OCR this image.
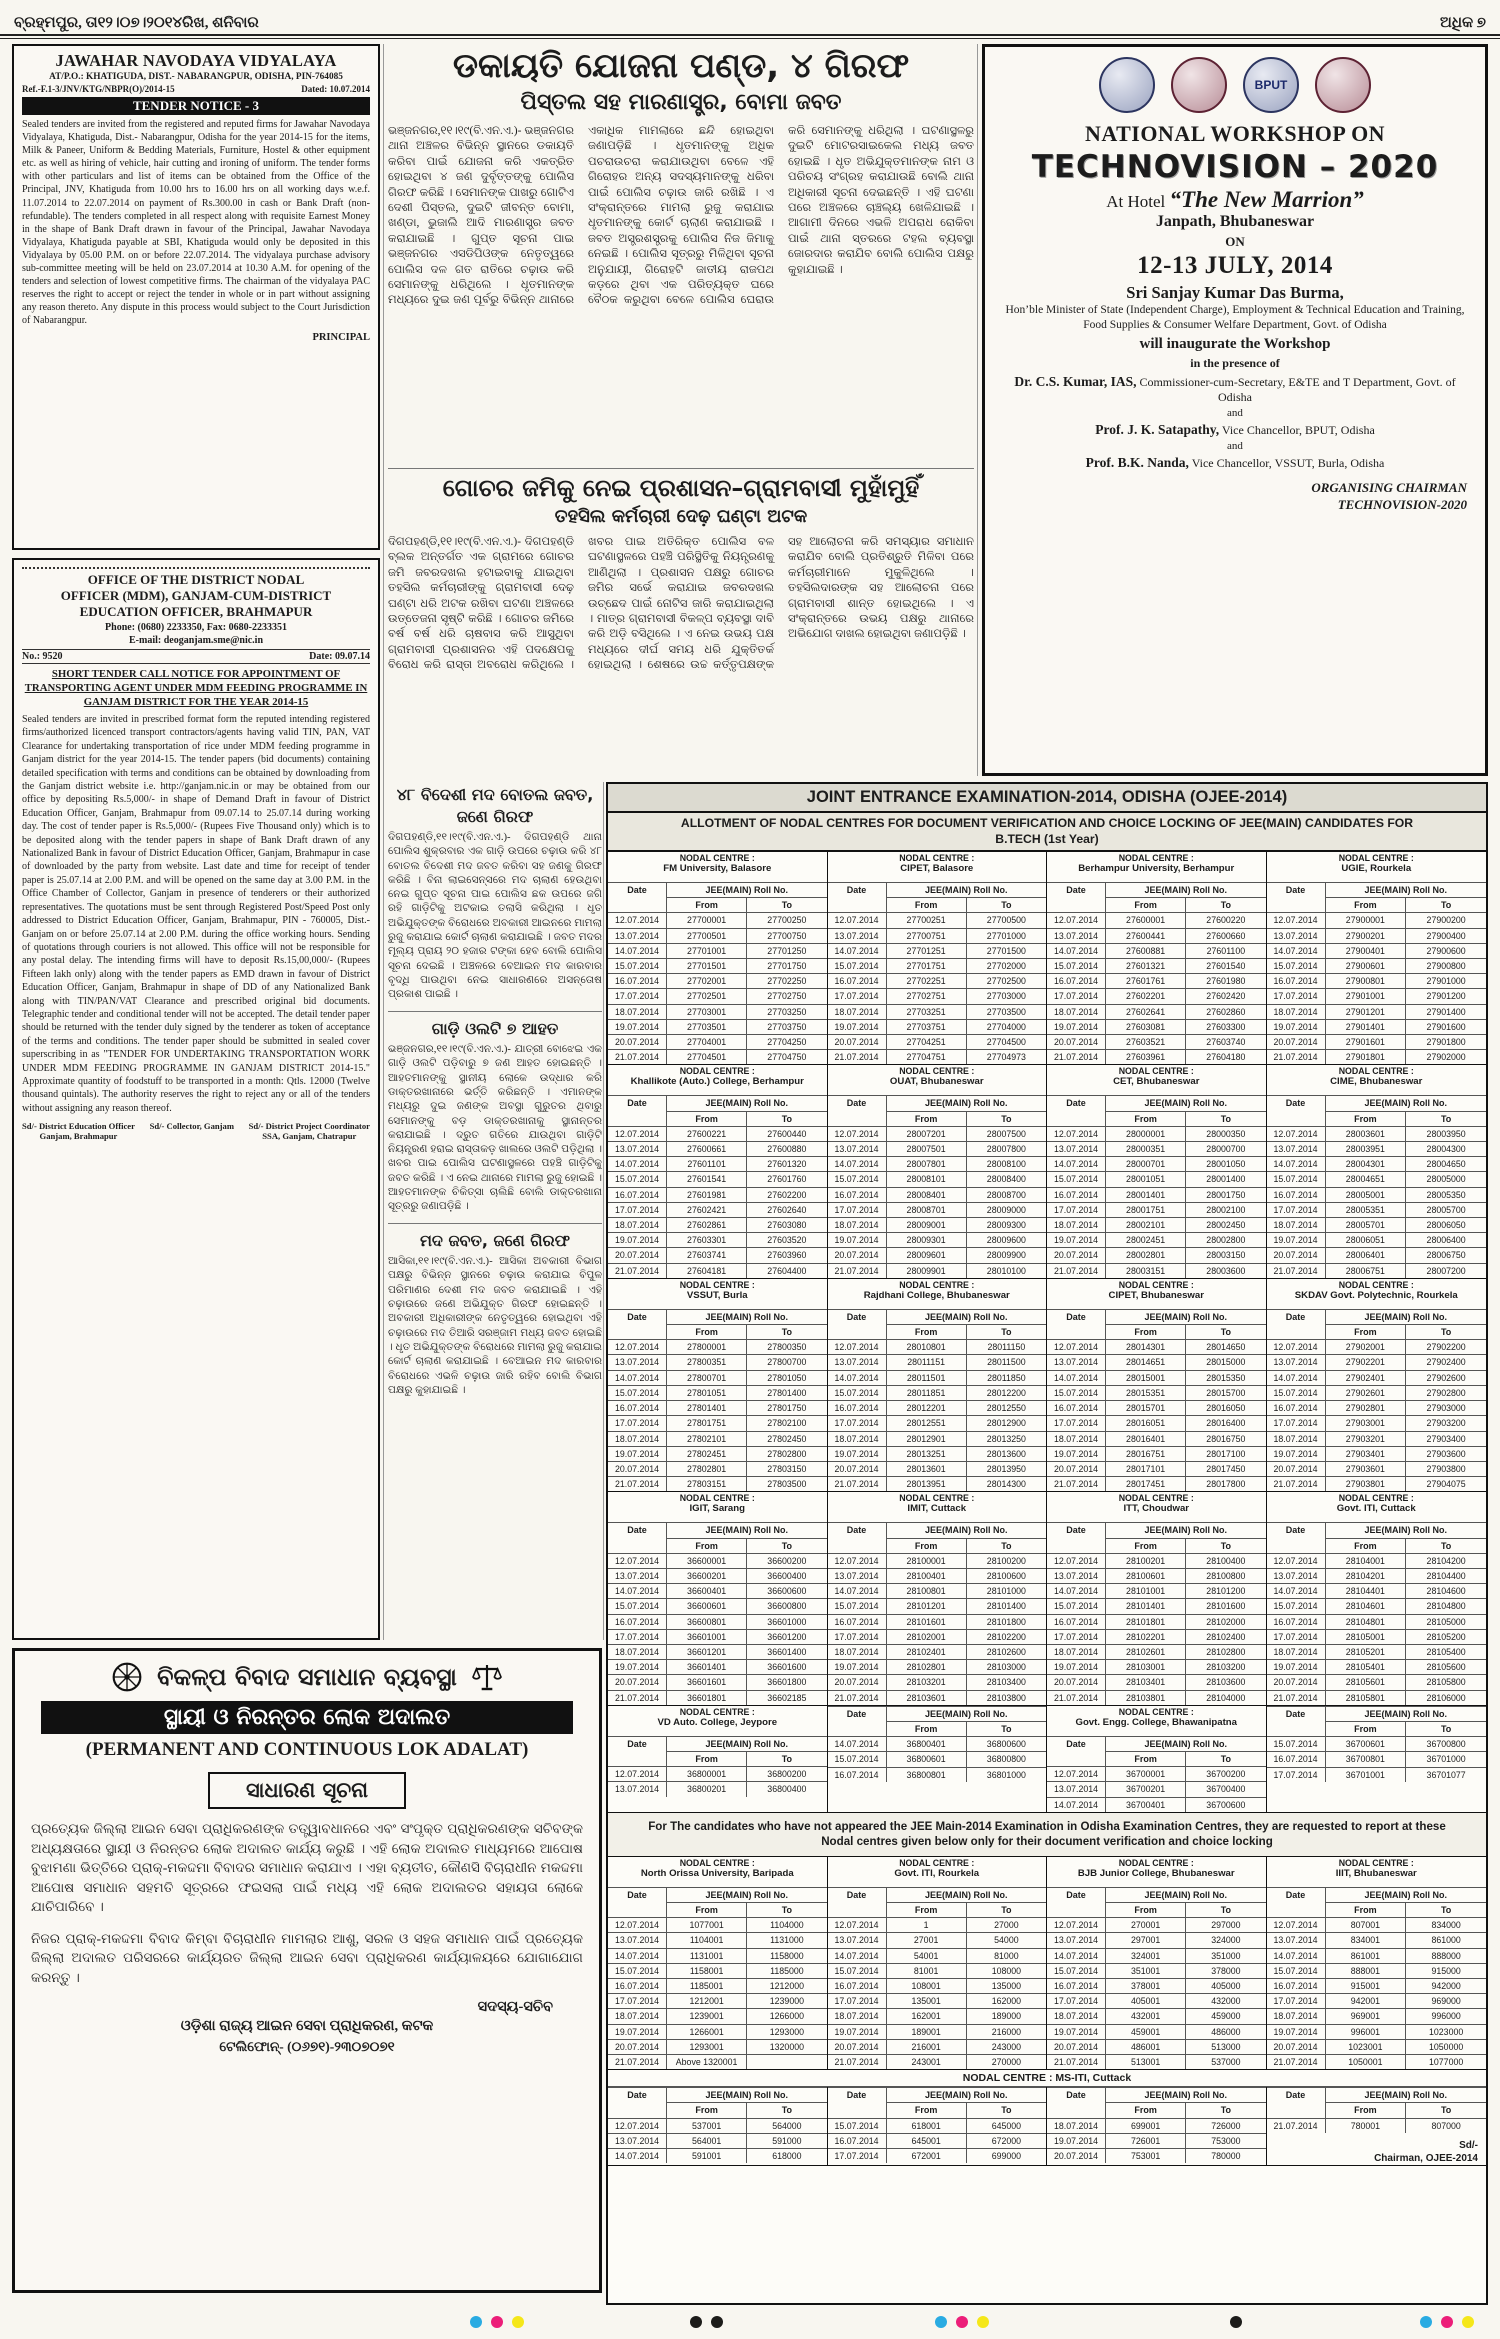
ବ୍ରହ୍ମପୁର, ତା୧୨।୦୭।୨୦୧୪ରିଖ, ଶନିବାର	ଅଧିକ ୭
JAWAHAR NAVODAYA VIDYALAYA
AT/P.O.: KHATIGUDA, DIST.- NABARANGPUR, ODISHA, PIN-764085
Ref.-F.1-3/JNV/KTG/NBPR(O)/2014-15	Dated: 10.07.2014
TENDER NOTICE - 3
Sealed tenders are invited from the registered and reputed firms for Jawahar Navodaya Vidyalaya, Khatiguda, Dist.- Nabarangpur, Odisha for the year 2014-15 for the items, Milk & Paneer, Uniform & Bedding Materials, Furniture, Hostel & other equipment etc. as well as hiring of vehicle, hair cutting and ironing of uniform. The tender forms with other particulars and list of items can be obtained from the Office of the Principal, JNV, Khatiguda from 10.00 hrs to 16.00 hrs on all working days w.e.f. 11.07.2014 to 22.07.2014 on payment of Rs.300.00 in cash or Bank Draft (non-refundable). The tenders completed in all respect along with requisite Earnest Money in the shape of Bank Draft drawn in favour of the Principal, Jawahar Navodaya Vidyalaya, Khatiguda payable at SBI, Khatiguda would only be deposited in this Vidyalaya by 05.00 P.M. on or before 22.07.2014. The vidyalaya purchase advisory sub-committee meeting will be held on 23.07.2014 at 10.30 A.M. for opening of the tenders and selection of lowest competitive firms. The chairman of the vidyalaya PAC reserves the right to accept or reject the tender in whole or in part without assigning any reason thereto. Any dispute in this process would subject to the Court Jurisdiction of Nabarangpur.
PRINCIPAL
OFFICE OF THE DISTRICT NODAL
OFFICER (MDM), GANJAM-CUM-DISTRICT
EDUCATION OFFICER, BRAHMAPUR
Phone: (0680) 2233350, Fax: 0680-2233351
E-mail: deoganjam.sme@nic.in
No.: 9520	Date: 09.07.14
SHORT TENDER CALL NOTICE FOR APPOINTMENT OF TRANSPORTING AGENT UNDER MDM FEEDING PROGRAMME IN GANJAM DISTRICT FOR THE YEAR 2014-15
Sealed tenders are invited in prescribed format form the reputed intending registered firms/authorized licenced transport contractors/agents having valid TIN, PAN, VAT Clearance for undertaking transportation of rice under MDM feeding programme in Ganjam district for the year 2014-15. The tender papers (bid documents) containing detailed specification with terms and conditions can be obtained by downloading from the Ganjam district website i.e. http://ganjam.nic.in or may be obtained from our office by depositing Rs.5,000/- in shape of Demand Draft in favour of District Education Officer, Ganjam, Brahmapur from 09.07.14 to 25.07.14 during working day. The cost of tender paper is Rs.5,000/- (Rupees Five Thousand only) which is to be deposited along with the tender papers in shape of Bank Draft drawn of any Nationalized Bank in favour of District Education Officer, Ganjam, Brahmapur in case of downloaded by the party from website. Last date and time for receipt of tender paper is 25.07.14 at 2.00 P.M. and will be opened on the same day at 3.00 P.M. in the Office Chamber of Collector, Ganjam in presence of tenderers or their authorized representatives. The quotations must be sent through Registered Post/Speed Post only addressed to District Education Officer, Ganjam, Brahmapur, PIN - 760005, Dist.- Ganjam on or before 25.07.14 at 2.00 P.M. during the office working hours. Sending of quotations through couriers is not allowed. This office will not be responsible for any postal delay. The intending firms will have to deposit Rs.15,00,000/- (Rupees Fifteen lakh only) along with the tender papers as EMD drawn in favour of District Education Officer, Ganjam, Brahmapur in shape of DD of any Nationalized Bank along with TIN/PAN/VAT Clearance and prescribed original bid documents. Telegraphic tender and conditional tender will not be accepted. The detail tender paper should be returned with the tender duly signed by the tenderer as token of acceptance of the terms and conditions. The tender paper should be submitted in sealed cover superscribing in as "TENDER FOR UNDERTAKING TRANSPORTATION WORK UNDER MDM FEEDING PROGRAMME IN GANJAM DISTRICT 2014-15." Approximate quantity of foodstuff to be transported in a month: Qtls. 12000 (Twelve thousand quintals). The authority reserves the right to reject any or all of the tenders without assigning any reason thereof.
Sd/- District Education Officer
Ganjam, Brahmapur
Sd/- Collector, Ganjam Sd/- District Project Coordinator
SSA, Ganjam, Chatrapur
ଡକାୟତି ଯୋଜନା ପଣ୍ଡ, ୪ ଗିରଫ
ପିସ୍ତଲ ସହ ମାରଣାସ୍ତ୍ର, ବୋମା ଜବତ
ଭଞ୍ଜନଗର,୧୧।୧୯(ବି.ଏନ.ଏ.)- ଭଞ୍ଜନଗର ଥାନା ଅଞ୍ଚଳର ବିଭିନ୍ନ ସ୍ଥାନରେ ଡକାୟତି କରିବା ପାଇଁ ଯୋଜନା କରି ଏକତ୍ରିତ ହୋଇଥିବା ୪ ଜଣ ଦୁର୍ବୃତ୍ତଙ୍କୁ ପୋଲିସ ଗିରଫ କରିଛି । ସେମାନଙ୍କ ପାଖରୁ ଗୋଟିଏ ଦେଶୀ ପିସ୍ତଲ, ଦୁଇଟି ଜୀବନ୍ତ ବୋମା, ଖଣ୍ଡା, ଭୁଜାଲି ଆଦି ମାରଣାସ୍ତ୍ର ଜବତ କରାଯାଇଛି । ଗୁପ୍ତ ସୂଚନା ପାଇ ଭଞ୍ଜନଗର ଏସଡିପିଓଙ୍କ ନେତୃତ୍ୱରେ ପୋଲିସ ଦଳ ଗତ ରାତିରେ ଚଢ଼ାଉ କରି ସେମାନଙ୍କୁ ଧରିଥିଲେ । ଧୃତମାନଙ୍କ ମଧ୍ୟରେ ଦୁଇ ଜଣ ପୂର୍ବରୁ ବିଭିନ୍ନ ଥାନାରେ ଏକାଧିକ ମାମଲାରେ ଛନ୍ଦି ହୋଇଥିବା ଜଣାପଡ଼ିଛି । ଧୃତମାନଙ୍କୁ ଅଧିକ ପଚରାଉଚରା କରାଯାଉଥିବା ବେଳେ ଏହି ଗିରୋହର ଅନ୍ୟ ସଦସ୍ୟମାନଙ୍କୁ ଧରିବା ପାଇଁ ପୋଲିସ ଚଢ଼ାଉ ଜାରି ରଖିଛି । ଏ ସଂକ୍ରାନ୍ତରେ ମାମଲା ରୁଜୁ କରାଯାଇ ଧୃତମାନଙ୍କୁ କୋର୍ଟ ଚାଲାଣ କରାଯାଇଛି । ଜବତ ଅସ୍ତ୍ରଶସ୍ତ୍ରକୁ ପୋଲିସ ନିଜ ଜିମାକୁ ନେଇଛି । ପୋଲିସ ସୂତ୍ରରୁ ମିଳିଥିବା ସୂଚନା ଅନୁଯାୟୀ, ଗିରୋହଟି ଜାତୀୟ ରାଜପଥ କଡ଼ରେ ଥିବା ଏକ ପରିତ୍ୟକ୍ତ ଘରେ ବୈଠକ କରୁଥିବା ବେଳେ ପୋଲିସ ଘେରାଉ କରି ସେମାନଙ୍କୁ ଧରିଥିଲା । ଘଟଣାସ୍ଥଳରୁ ଦୁଇଟି ମୋଟରସାଇକେଲ ମଧ୍ୟ ଜବତ ହୋଇଛି । ଧୃତ ଅଭିଯୁକ୍ତମାନଙ୍କ ନାମ ଓ ପରିଚୟ ସଂଗ୍ରହ କରାଯାଉଛି ବୋଲି ଥାନା ଅଧିକାରୀ ସୂଚନା ଦେଇଛନ୍ତି । ଏହି ଘଟଣା ପରେ ଅଞ୍ଚଳରେ ଚାଞ୍ଚଲ୍ୟ ଖେଳିଯାଇଛି । ଆଗାମୀ ଦିନରେ ଏଭଳି ଅପରାଧ ରୋକିବା ପାଇଁ ଥାନା ସ୍ତରରେ ଟହଲ ବ୍ୟବସ୍ଥା ଜୋରଦାର କରାଯିବ ବୋଲି ପୋଲିସ ପକ୍ଷରୁ କୁହାଯାଇଛି ।
ଗୋଚର ଜମିକୁ ନେଇ ପ୍ରଶାସନ–ଗ୍ରାମବାସୀ ମୁହାଁମୁହିଁ
ତହସିଲ କର୍ମଚାରୀ ଦେଢ଼ ଘଣ୍ଟା ଅଟକ
ଦିଗପହଣ୍ଡି,୧୧।୧୯(ବି.ଏନ.ଏ.)- ଦିଗପହଣ୍ଡି ବ୍ଲକ ଅନ୍ତର୍ଗତ ଏକ ଗ୍ରାମରେ ଗୋଚର ଜମି ଜବରଦଖଲ ହଟାଇବାକୁ ଯାଇଥିବା ତହସିଲ କର୍ମଚାରୀଙ୍କୁ ଗ୍ରାମବାସୀ ଦେଢ଼ ଘଣ୍ଟା ଧରି ଅଟକ ରଖିବା ଘଟଣା ଅଞ୍ଚଳରେ ଉତ୍ତେଜନା ସୃଷ୍ଟି କରିଛି । ଗୋଚର ଜମିରେ ବର୍ଷ ବର୍ଷ ଧରି ଚାଷବାସ କରି ଆସୁଥିବା ଗ୍ରାମବାସୀ ପ୍ରଶାସନର ଏହି ପଦକ୍ଷେପକୁ ବିରୋଧ କରି ରାସ୍ତା ଅବରୋଧ କରିଥିଲେ । ଖବର ପାଇ ଅତିରିକ୍ତ ପୋଲିସ ବଳ ଘଟଣାସ୍ଥଳରେ ପହଞ୍ଚି ପରିସ୍ଥିତିକୁ ନିୟନ୍ତ୍ରଣକୁ ଆଣିଥିଲା । ପ୍ରଶାସନ ପକ୍ଷରୁ ଗୋଚର ଜମିର ସର୍ଭେ କରାଯାଇ ଜବରଦଖଲ ଉଚ୍ଛେଦ ପାଇଁ ନୋଟିସ ଜାରି କରାଯାଇଥିଲା । ମାତ୍ର ଗ୍ରାମବାସୀ ବିକଳ୍ପ ବ୍ୟବସ୍ଥା ଦାବି କରି ଅଡ଼ି ବସିଥିଲେ । ଏ ନେଇ ଉଭୟ ପକ୍ଷ ମଧ୍ୟରେ ଦୀର୍ଘ ସମୟ ଧରି ଯୁକ୍ତିତର୍କ ହୋଇଥିଲା । ଶେଷରେ ଉଚ୍ଚ କର୍ତ୍ତୃପକ୍ଷଙ୍କ ସହ ଆଲୋଚନା କରି ସମସ୍ୟାର ସମାଧାନ କରାଯିବ ବୋଲି ପ୍ରତିଶ୍ରୁତି ମିଳିବା ପରେ କର୍ମଚାରୀମାନେ ମୁକୁଳିଥିଲେ । ତହସିଲଦାରଙ୍କ ସହ ଆଲୋଚନା ପରେ ଗ୍ରାମବାସୀ ଶାନ୍ତ ହୋଇଥିଲେ । ଏ ସଂକ୍ରାନ୍ତରେ ଉଭୟ ପକ୍ଷରୁ ଥାନାରେ ଅଭିଯୋଗ ଦାଖଲ ହୋଇଥିବା ଜଣାପଡ଼ିଛି ।
୪୮ ବିଦେଶୀ ମଦ ବୋତଲ ଜବତ, ଜଣେ ଗିରଫ
ଦିଗପହଣ୍ଡି,୧୧।୧୯(ବି.ଏନ.ଏ.)- ଦିଗପହଣ୍ଡି ଥାନା ପୋଲିସ ଶୁକ୍ରବାର ଏକ ଗାଡ଼ି ଉପରେ ଚଢ଼ାଉ କରି ୪୮ ବୋତଲ ବିଦେଶୀ ମଦ ଜବତ କରିବା ସହ ଜଣକୁ ଗିରଫ କରିଛି । ବିନା ଲାଇସେନ୍ସରେ ମଦ ଚାଲାଣ ହେଉଥିବା ନେଇ ଗୁପ୍ତ ସୂଚନା ପାଇ ପୋଲିସ ଛକ ଉପରେ ଜଗି ରହି ଗାଡ଼ିଟିକୁ ଅଟକାଇ ତଲାସି କରିଥିଲା । ଧୃତ ଅଭିଯୁକ୍ତଙ୍କ ବିରୋଧରେ ଅବକାରୀ ଆଇନରେ ମାମଲା ରୁଜୁ କରାଯାଇ କୋର୍ଟ ଚାଲାଣ କରାଯାଇଛି । ଜବତ ମଦର ମୂଲ୍ୟ ପ୍ରାୟ ୨୦ ହଜାର ଟଙ୍କା ହେବ ବୋଲି ପୋଲିସ ସୂଚନା ଦେଇଛି । ଅଞ୍ଚଳରେ ବେଆଇନ ମଦ କାରବାର ବୃଦ୍ଧି ପାଉଥିବା ନେଇ ସାଧାରଣରେ ଅସନ୍ତୋଷ ପ୍ରକାଶ ପାଇଛି ।
ଗାଡ଼ି ଓଲଟି ୭ ଆହତ
ଭଞ୍ଜନଗର,୧୧।୧୯(ବି.ଏନ.ଏ.)- ଯାତ୍ରୀ ବୋଝେଇ ଏକ ଗାଡ଼ି ଓଲଟି ପଡ଼ିବାରୁ ୭ ଜଣ ଆହତ ହୋଇଛନ୍ତି । ଆହତମାନଙ୍କୁ ସ୍ଥାନୀୟ ଲୋକେ ଉଦ୍ଧାର କରି ଡାକ୍ତରଖାନାରେ ଭର୍ତ୍ତି କରିଛନ୍ତି । ଏମାନଙ୍କ ମଧ୍ୟରୁ ଦୁଇ ଜଣଙ୍କ ଅବସ୍ଥା ଗୁରୁତର ଥିବାରୁ ସେମାନଙ୍କୁ ବଡ଼ ଡାକ୍ତରଖାନାକୁ ସ୍ଥାନାନ୍ତର କରାଯାଇଛି । ଦ୍ରୁତ ଗତିରେ ଯାଉଥିବା ଗାଡ଼ିଟି ନିୟନ୍ତ୍ରଣ ହରାଇ ରାସ୍ତାକଡ଼ ଖାଲରେ ଓଲଟି ପଡ଼ିଥିଲା । ଖବର ପାଇ ପୋଲିସ ଘଟଣାସ୍ଥଳରେ ପହଞ୍ଚି ଗାଡ଼ିଟିକୁ ଜବତ କରିଛି । ଏ ନେଇ ଥାନାରେ ମାମଲା ରୁଜୁ ହୋଇଛି । ଆହତମାନଙ୍କ ଚିକିତ୍ସା ଚାଲିଛି ବୋଲି ଡାକ୍ତରଖାନା ସୂତ୍ରରୁ ଜଣାପଡ଼ିଛି ।
ମଦ ଜବତ, ଜଣେ ଗିରଫ
ଆସିକା,୧୧।୧୯(ବି.ଏନ.ଏ.)- ଆସିକା ଅବକାରୀ ବିଭାଗ ପକ୍ଷରୁ ବିଭିନ୍ନ ସ୍ଥାନରେ ଚଢ଼ାଉ କରାଯାଇ ବିପୁଳ ପରିମାଣର ଦେଶୀ ମଦ ଜବତ କରାଯାଇଛି । ଏହି ଚଢ଼ାଉରେ ଜଣେ ଅଭିଯୁକ୍ତ ଗିରଫ ହୋଇଛନ୍ତି । ଅବକାରୀ ଅଧିକାରୀଙ୍କ ନେତୃତ୍ୱରେ ହୋଇଥିବା ଏହି ଚଢ଼ାଉରେ ମଦ ତିଆରି ସରଞ୍ଜାମ ମଧ୍ୟ ଜବତ ହୋଇଛି । ଧୃତ ଅଭିଯୁକ୍ତଙ୍କ ବିରୋଧରେ ମାମଲା ରୁଜୁ କରାଯାଇ କୋର୍ଟ ଚାଲାଣ କରାଯାଇଛି । ବେଆଇନ ମଦ କାରବାର ବିରୋଧରେ ଏଭଳି ଚଢ଼ାଉ ଜାରି ରହିବ ବୋଲି ବିଭାଗ ପକ୍ଷରୁ କୁହାଯାଇଛି ।
BPUT
NATIONAL WORKSHOP ON
TECHNOVISION – 2020
At Hotel “The New Marrion”
Janpath, Bhubaneswar
ON
12-13 JULY, 2014
Sri Sanjay Kumar Das Burma,
Hon’ble Minister of State (Independent Charge), Employment & Technical Education and Training, Food Supplies & Consumer Welfare Department, Govt. of Odisha
will inaugurate the Workshop
in the presence of
Dr. C.S. Kumar, IAS, Commissioner-cum-Secretary, E&TE and T Department, Govt. of Odisha
and
Prof. J. K. Satapathy, Vice Chancellor, BPUT, Odisha
and
Prof. B.K. Nanda, Vice Chancellor, VSSUT, Burla, Odisha
ORGANISING CHAIRMAN
TECHNOVISION-2020
ବିକଳ୍ପ ବିବାଦ ସମାଧାନ ବ୍ୟବସ୍ଥା
ସ୍ଥାୟୀ ଓ ନିରନ୍ତର ଲୋକ ଅଦାଲତ
(PERMANENT AND CONTINUOUS LOK ADALAT)
ସାଧାରଣ ସୂଚନା

ପ୍ରତ୍ୟେକ ଜିଲ୍ଲା ଆଇନ ସେବା ପ୍ରାଧିକରଣଙ୍କ ତତ୍ତ୍ୱାବଧାନରେ ଏବଂ ସଂପୃକ୍ତ ପ୍ରାଧିକରଣଙ୍କ ସଚିବଙ୍କ ଅଧ୍ୟକ୍ଷତାରେ ସ୍ଥାୟୀ ଓ ନିରନ୍ତର ଲୋକ ଅଦାଲତ କାର୍ଯ୍ୟ କରୁଛି । ଏହି ଲୋକ ଅଦାଲତ ମାଧ୍ୟମରେ ଆପୋଷ ବୁଝାମଣା ଭିତ୍ତିରେ ପ୍ରାକ୍-ମକଦ୍ଦମା ବିବାଦର ସମାଧାନ କରାଯାଏ । ଏହା ବ୍ୟତୀତ, କୌଣସି ବିଚାରାଧୀନ ମକଦ୍ଦମା ଆପୋଷ ସମାଧାନ ସହମତି ସୂତ୍ରରେ ଫଇସଲା ପାଇଁ ମଧ୍ୟ ଏହି ଲୋକ ଅଦାଲତର ସହାୟତା ଲୋକେ ଯାଚିପାରିବେ ।

ନିଜର ପ୍ରାକ୍-ମକଦ୍ଦମା ବିବାଦ କିମ୍ବା ବିଚାରାଧୀନ ମାମଲାର ଆଶୁ, ସରଳ ଓ ସହଜ ସମାଧାନ ପାଇଁ ପ୍ରତ୍ୟେକ ଜିଲ୍ଲା ଅଦାଲତ ପରିସରରେ କାର୍ଯ୍ୟରତ ଜିଲ୍ଲା ଆଇନ ସେବା ପ୍ରାଧିକରଣ କାର୍ଯ୍ୟାଳୟରେ ଯୋଗାଯୋଗ କରନ୍ତୁ ।

ସଦସ୍ୟ-ସଚିବ
ଓଡ଼ିଶା ରାଜ୍ୟ ଆଇନ ସେବା ପ୍ରାଧିକରଣ, କଟକ
ଟେଲିଫୋନ୍- (୦୬୭୧)-୨୩୦୭୦୭୧
JOINT ENTRANCE EXAMINATION-2014, ODISHA (OJEE-2014)
ALLOTMENT OF NODAL CENTRES FOR DOCUMENT VERIFICATION AND CHOICE LOCKING OF JEE(MAIN) CANDIDATES FOR B.TECH (1st Year)
NODAL CENTRE :
FM University, Balasore
Date	JEE(MAIN) Roll No.
From	To
12.07.2014	27700001	27700250
13.07.2014	27700501	27700750
14.07.2014	27701001	27701250
15.07.2014	27701501	27701750
16.07.2014	27702001	27702250
17.07.2014	27702501	27702750
18.07.2014	27703001	27703250
19.07.2014	27703501	27703750
20.07.2014	27704001	27704250
21.07.2014	27704501	27704750
NODAL CENTRE :
CIPET, Balasore
Date	JEE(MAIN) Roll No.
From	To
12.07.2014	27700251	27700500
13.07.2014	27700751	27701000
14.07.2014	27701251	27701500
15.07.2014	27701751	27702000
16.07.2014	27702251	27702500
17.07.2014	27702751	27703000
18.07.2014	27703251	27703500
19.07.2014	27703751	27704000
20.07.2014	27704251	27704500
21.07.2014	27704751	27704973
NODAL CENTRE :
Berhampur University, Berhampur
Date	JEE(MAIN) Roll No.
From	To
12.07.2014	27600001	27600220
13.07.2014	27600441	27600660
14.07.2014	27600881	27601100
15.07.2014	27601321	27601540
16.07.2014	27601761	27601980
17.07.2014	27602201	27602420
18.07.2014	27602641	27602860
19.07.2014	27603081	27603300
20.07.2014	27603521	27603740
21.07.2014	27603961	27604180
NODAL CENTRE :
UGIE, Rourkela
Date	JEE(MAIN) Roll No.
From	To
12.07.2014	27900001	27900200
13.07.2014	27900201	27900400
14.07.2014	27900401	27900600
15.07.2014	27900601	27900800
16.07.2014	27900801	27901000
17.07.2014	27901001	27901200
18.07.2014	27901201	27901400
19.07.2014	27901401	27901600
20.07.2014	27901601	27901800
21.07.2014	27901801	27902000
NODAL CENTRE :
Khallikote (Auto.) College, Berhampur
Date	JEE(MAIN) Roll No.
From	To
12.07.2014	27600221	27600440
13.07.2014	27600661	27600880
14.07.2014	27601101	27601320
15.07.2014	27601541	27601760
16.07.2014	27601981	27602200
17.07.2014	27602421	27602640
18.07.2014	27602861	27603080
19.07.2014	27603301	27603520
20.07.2014	27603741	27603960
21.07.2014	27604181	27604400
NODAL CENTRE :
OUAT, Bhubaneswar
Date	JEE(MAIN) Roll No.
From	To
12.07.2014	28007201	28007500
13.07.2014	28007501	28007800
14.07.2014	28007801	28008100
15.07.2014	28008101	28008400
16.07.2014	28008401	28008700
17.07.2014	28008701	28009000
18.07.2014	28009001	28009300
19.07.2014	28009301	28009600
20.07.2014	28009601	28009900
21.07.2014	28009901	28010100
NODAL CENTRE :
CET, Bhubaneswar
Date	JEE(MAIN) Roll No.
From	To
12.07.2014	28000001	28000350
13.07.2014	28000351	28000700
14.07.2014	28000701	28001050
15.07.2014	28001051	28001400
16.07.2014	28001401	28001750
17.07.2014	28001751	28002100
18.07.2014	28002101	28002450
19.07.2014	28002451	28002800
20.07.2014	28002801	28003150
21.07.2014	28003151	28003600
NODAL CENTRE :
CIME, Bhubaneswar
Date	JEE(MAIN) Roll No.
From	To
12.07.2014	28003601	28003950
13.07.2014	28003951	28004300
14.07.2014	28004301	28004650
15.07.2014	28004651	28005000
16.07.2014	28005001	28005350
17.07.2014	28005351	28005700
18.07.2014	28005701	28006050
19.07.2014	28006051	28006400
20.07.2014	28006401	28006750
21.07.2014	28006751	28007200
NODAL CENTRE :
VSSUT, Burla
Date	JEE(MAIN) Roll No.
From	To
12.07.2014	27800001	27800350
13.07.2014	27800351	27800700
14.07.2014	27800701	27801050
15.07.2014	27801051	27801400
16.07.2014	27801401	27801750
17.07.2014	27801751	27802100
18.07.2014	27802101	27802450
19.07.2014	27802451	27802800
20.07.2014	27802801	27803150
21.07.2014	27803151	27803500
NODAL CENTRE :
Rajdhani College, Bhubaneswar
Date	JEE(MAIN) Roll No.
From	To
12.07.2014	28010801	28011150
13.07.2014	28011151	28011500
14.07.2014	28011501	28011850
15.07.2014	28011851	28012200
16.07.2014	28012201	28012550
17.07.2014	28012551	28012900
18.07.2014	28012901	28013250
19.07.2014	28013251	28013600
20.07.2014	28013601	28013950
21.07.2014	28013951	28014300
NODAL CENTRE :
CIPET, Bhubaneswar
Date	JEE(MAIN) Roll No.
From	To
12.07.2014	28014301	28014650
13.07.2014	28014651	28015000
14.07.2014	28015001	28015350
15.07.2014	28015351	28015700
16.07.2014	28015701	28016050
17.07.2014	28016051	28016400
18.07.2014	28016401	28016750
19.07.2014	28016751	28017100
20.07.2014	28017101	28017450
21.07.2014	28017451	28017800
NODAL CENTRE :
SKDAV Govt. Polytechnic, Rourkela
Date	JEE(MAIN) Roll No.
From	To
12.07.2014	27902001	27902200
13.07.2014	27902201	27902400
14.07.2014	27902401	27902600
15.07.2014	27902601	27902800
16.07.2014	27902801	27903000
17.07.2014	27903001	27903200
18.07.2014	27903201	27903400
19.07.2014	27903401	27903600
20.07.2014	27903601	27903800
21.07.2014	27903801	27904075
NODAL CENTRE :
IGIT, Sarang
Date	JEE(MAIN) Roll No.
From	To
12.07.2014	36600001	36600200
13.07.2014	36600201	36600400
14.07.2014	36600401	36600600
15.07.2014	36600601	36600800
16.07.2014	36600801	36601000
17.07.2014	36601001	36601200
18.07.2014	36601201	36601400
19.07.2014	36601401	36601600
20.07.2014	36601601	36601800
21.07.2014	36601801	36602185
NODAL CENTRE :
IMIT, Cuttack
Date	JEE(MAIN) Roll No.
From	To
12.07.2014	28100001	28100200
13.07.2014	28100401	28100600
14.07.2014	28100801	28101000
15.07.2014	28101201	28101400
16.07.2014	28101601	28101800
17.07.2014	28102001	28102200
18.07.2014	28102401	28102600
19.07.2014	28102801	28103000
20.07.2014	28103201	28103400
21.07.2014	28103601	28103800
NODAL CENTRE :
ITT, Choudwar
Date	JEE(MAIN) Roll No.
From	To
12.07.2014	28100201	28100400
13.07.2014	28100601	28100800
14.07.2014	28101001	28101200
15.07.2014	28101401	28101600
16.07.2014	28101801	28102000
17.07.2014	28102201	28102400
18.07.2014	28102601	28102800
19.07.2014	28103001	28103200
20.07.2014	28103401	28103600
21.07.2014	28103801	28104000
NODAL CENTRE :
Govt. ITI, Cuttack
Date	JEE(MAIN) Roll No.
From	To
12.07.2014	28104001	28104200
13.07.2014	28104201	28104400
14.07.2014	28104401	28104600
15.07.2014	28104601	28104800
16.07.2014	28104801	28105000
17.07.2014	28105001	28105200
18.07.2014	28105201	28105400
19.07.2014	28105401	28105600
20.07.2014	28105601	28105800
21.07.2014	28105801	28106000
NODAL CENTRE :
VD Auto. College, Jeypore
Date	JEE(MAIN) Roll No.
From	To
12.07.2014	36800001	36800200
13.07.2014	36800201	36800400
Date	JEE(MAIN) Roll No.
From	To
14.07.2014	36800401	36800600
15.07.2014	36800601	36800800
16.07.2014	36800801	36801000
NODAL CENTRE :
Govt. Engg. College, Bhawanipatna
Date	JEE(MAIN) Roll No.
From	To
12.07.2014	36700001	36700200
13.07.2014	36700201	36700400
14.07.2014	36700401	36700600
Date	JEE(MAIN) Roll No.
From	To
15.07.2014	36700601	36700800
16.07.2014	36700801	36701000
17.07.2014	36701001	36701077
For The candidates who have not appeared the JEE Main-2014 Examination in Odisha Examination Centres, they are requested to report at these Nodal centres given below only for their document verification and choice locking
NODAL CENTRE :
North Orissa University, Baripada
Date	JEE(MAIN) Roll No.
From	To
12.07.2014	1077001	1104000
13.07.2014	1104001	1131000
14.07.2014	1131001	1158000
15.07.2014	1158001	1185000
16.07.2014	1185001	1212000
17.07.2014	1212001	1239000
18.07.2014	1239001	1266000
19.07.2014	1266001	1293000
20.07.2014	1293001	1320000
21.07.2014	Above 1320001
NODAL CENTRE :
Govt. ITI, Rourkela
Date	JEE(MAIN) Roll No.
From	To
12.07.2014	1	27000
13.07.2014	27001	54000
14.07.2014	54001	81000
15.07.2014	81001	108000
16.07.2014	108001	135000
17.07.2014	135001	162000
18.07.2014	162001	189000
19.07.2014	189001	216000
20.07.2014	216001	243000
21.07.2014	243001	270000
NODAL CENTRE :
BJB Junior College, Bhubaneswar
Date	JEE(MAIN) Roll No.
From	To
12.07.2014	270001	297000
13.07.2014	297001	324000
14.07.2014	324001	351000
15.07.2014	351001	378000
16.07.2014	378001	405000
17.07.2014	405001	432000
18.07.2014	432001	459000
19.07.2014	459001	486000
20.07.2014	486001	513000
21.07.2014	513001	537000
NODAL CENTRE :
IIIT, Bhubaneswar
Date	JEE(MAIN) Roll No.
From	To
12.07.2014	807001	834000
13.07.2014	834001	861000
14.07.2014	861001	888000
15.07.2014	888001	915000
16.07.2014	915001	942000
17.07.2014	942001	969000
18.07.2014	969001	996000
19.07.2014	996001	1023000
20.07.2014	1023001	1050000
21.07.2014	1050001	1077000
NODAL CENTRE : MS-ITI, Cuttack
Date	JEE(MAIN) Roll No.
From	To
12.07.2014	537001	564000
13.07.2014	564001	591000
14.07.2014	591001	618000
Date	JEE(MAIN) Roll No.
From	To
15.07.2014	618001	645000
16.07.2014	645001	672000
17.07.2014	672001	699000
Date	JEE(MAIN) Roll No.
From	To
18.07.2014	699001	726000
19.07.2014	726001	753000
20.07.2014	753001	780000
Date	JEE(MAIN) Roll No.
From	To
21.07.2014	780001	807000
Sd/-
Chairman, OJEE-2014
